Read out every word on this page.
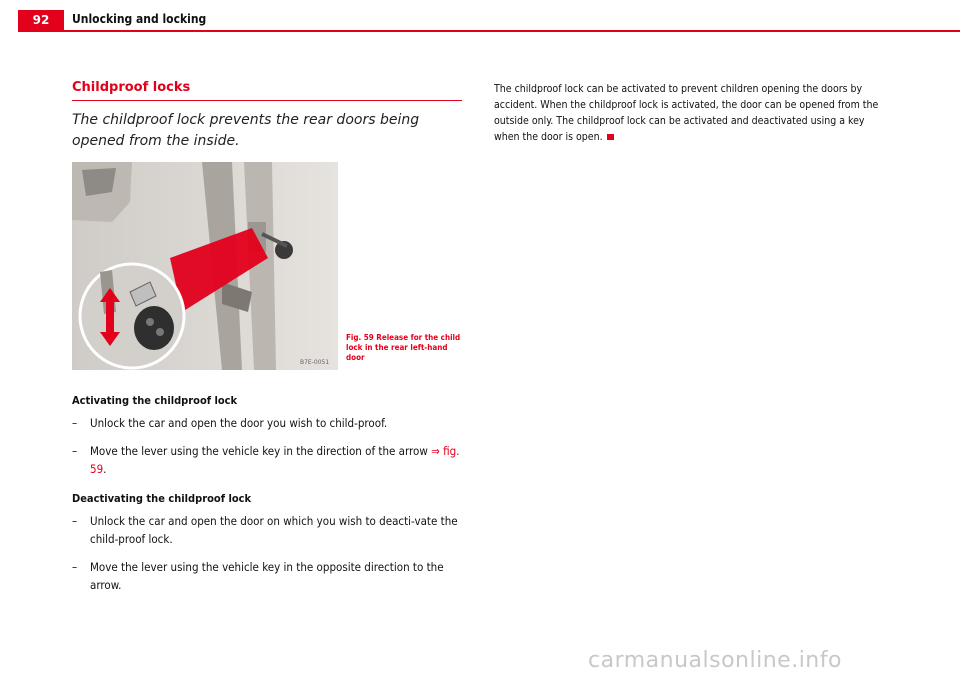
92	Unlocking and locking
Childproof locks
The childproof lock prevents the rear doors being opened from the inside.
B7E-0051
Fig. 59 Release for the child lock in the rear left-hand door
Activating the childproof lock
– Unlock the car and open the door you wish to child-proof.
– Move the lever using the vehicle key in the direction of the arrow ⇒ fig. 59.
Deactivating the childproof lock
– Unlock the car and open the door on which you wish to deacti-vate the child-proof lock.
– Move the lever using the vehicle key in the opposite direction to the arrow.
The childproof lock can be activated to prevent children opening the doors by accident. When the childproof lock is activated, the door can be opened from the outside only. The childproof lock can be activated and deactivated using a key when the door is open.
carmanualsonline.info
